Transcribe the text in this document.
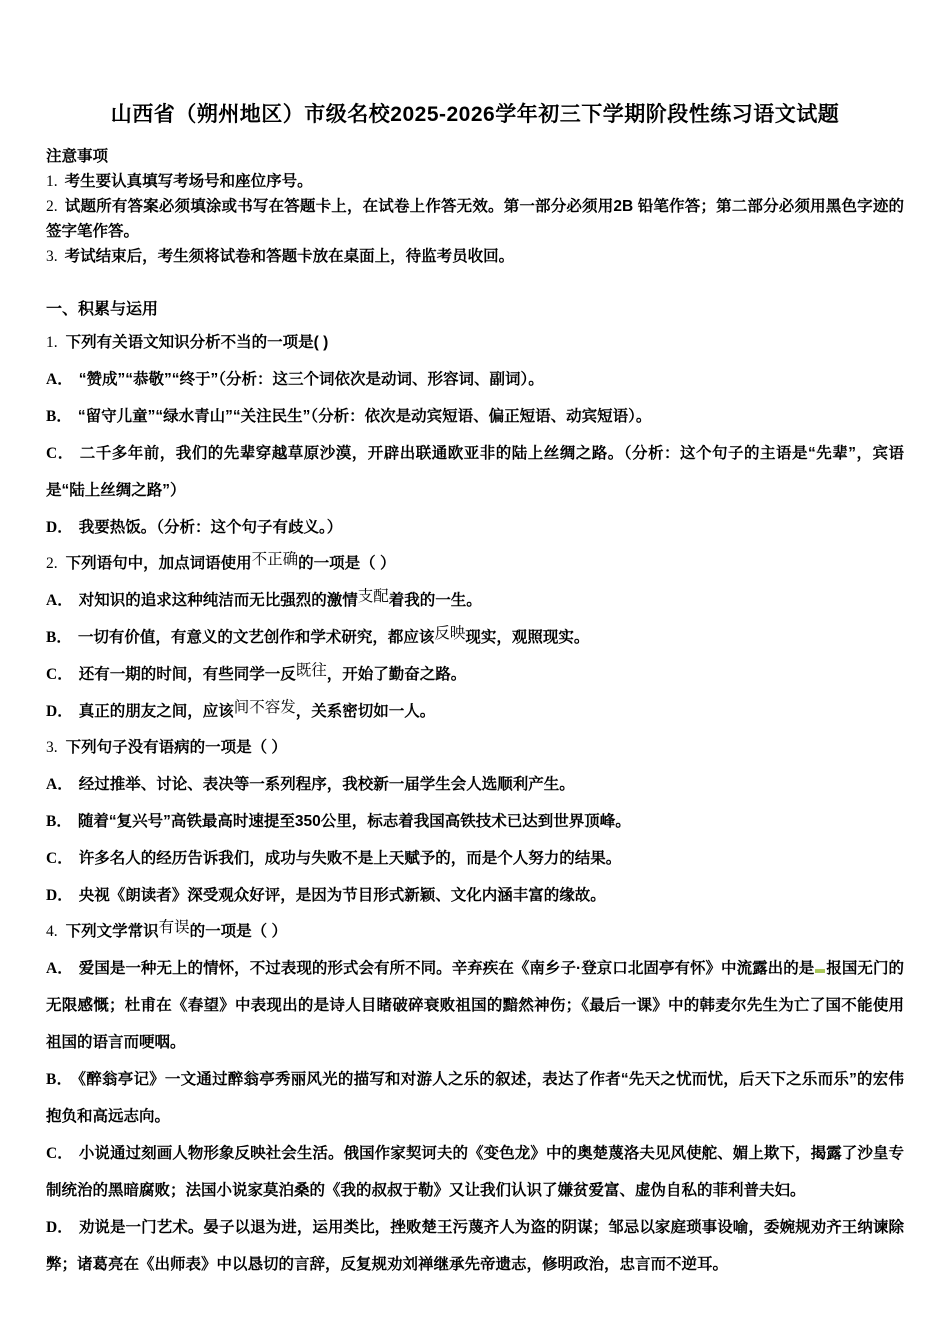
山西省（朔州地区）市级名校2025-2026学年初三下学期阶段性练习语文试题
注意事项

1. 考生要认真填写考场号和座位序号。

2. 试题所有答案必须填涂或书写在答题卡上，在试卷上作答无效。第一部分必须用2B 铅笔作答；第二部分必须用黑色字迹的签字笔作答。

3. 考试结束后，考生须将试卷和答题卡放在桌面上，待监考员收回。

一、积累与运用

1. 下列有关语文知识分析不当的一项是( )

A． “赞成”“恭敬”“终于”（分析：这三个词依次是动词、形容词、副词）。

B． “留守儿童”“绿水青山”“关注民生”（分析：依次是动宾短语、偏正短语、动宾短语）。

C． 二千多年前，我们的先辈穿越草原沙漠，开辟出联通欧亚非的陆上丝绸之路。（分析：这个句子的主语是“先辈”，宾语是“陆上丝绸之路”）

D． 我要热饭。（分析：这个句子有歧义。）

2. 下列语句中，加点词语使用不正确的一项是（ ）

A． 对知识的追求这种纯洁而无比强烈的激情支配着我的一生。

B． 一切有价值，有意义的文艺创作和学术研究，都应该反映现实，观照现实。

C． 还有一期的时间，有些同学一反既往，开始了勤奋之路。

D． 真正的朋友之间，应该间不容发，关系密切如一人。

3. 下列句子没有语病的一项是（ ）

A． 经过推举、讨论、表决等一系列程序，我校新一届学生会人选顺利产生。

B． 随着“复兴号”高铁最高时速提至350公里，标志着我国高铁技术已达到世界顶峰。

C． 许多名人的经历告诉我们，成功与失败不是上天赋予的，而是个人努力的结果。

D． 央视《朗读者》深受观众好评，是因为节目形式新颖、文化内涵丰富的缘故。

4. 下列文学常识有误的一项是（ ）

A． 爱国是一种无上的情怀，不过表现的形式会有所不同。辛弃疾在《南乡子·登京口北固亭有怀》中流露出的是 报国无门的无限感慨；杜甫在《春望》中表现出的是诗人目睹破碎衰败祖国的黯然神伤；《最后一课》中的韩麦尔先生为亡了国不能使用祖国的语言而哽咽。

B． 《醉翁亭记》一文通过醉翁亭秀丽风光的描写和对游人之乐的叙述，表达了作者“先天之忧而忧，后天下之乐而乐”的宏伟抱负和高远志向。

C． 小说通过刻画人物形象反映社会生活。俄国作家契诃夫的《变色龙》中的奥楚蔑洛夫见风使舵、媚上欺下，揭露了沙皇专制统治的黑暗腐败；法国小说家莫泊桑的《我的叔叔于勒》又让我们认识了嫌贫爱富、虚伪自私的菲利普夫妇。

D． 劝说是一门艺术。晏子以退为进，运用类比，挫败楚王污蔑齐人为盗的阴谋；邹忌以家庭琐事设喻，委婉规劝齐王纳谏除弊；诸葛亮在《出师表》中以恳切的言辞，反复规劝刘禅继承先帝遗志，修明政治，忠言而不逆耳。
